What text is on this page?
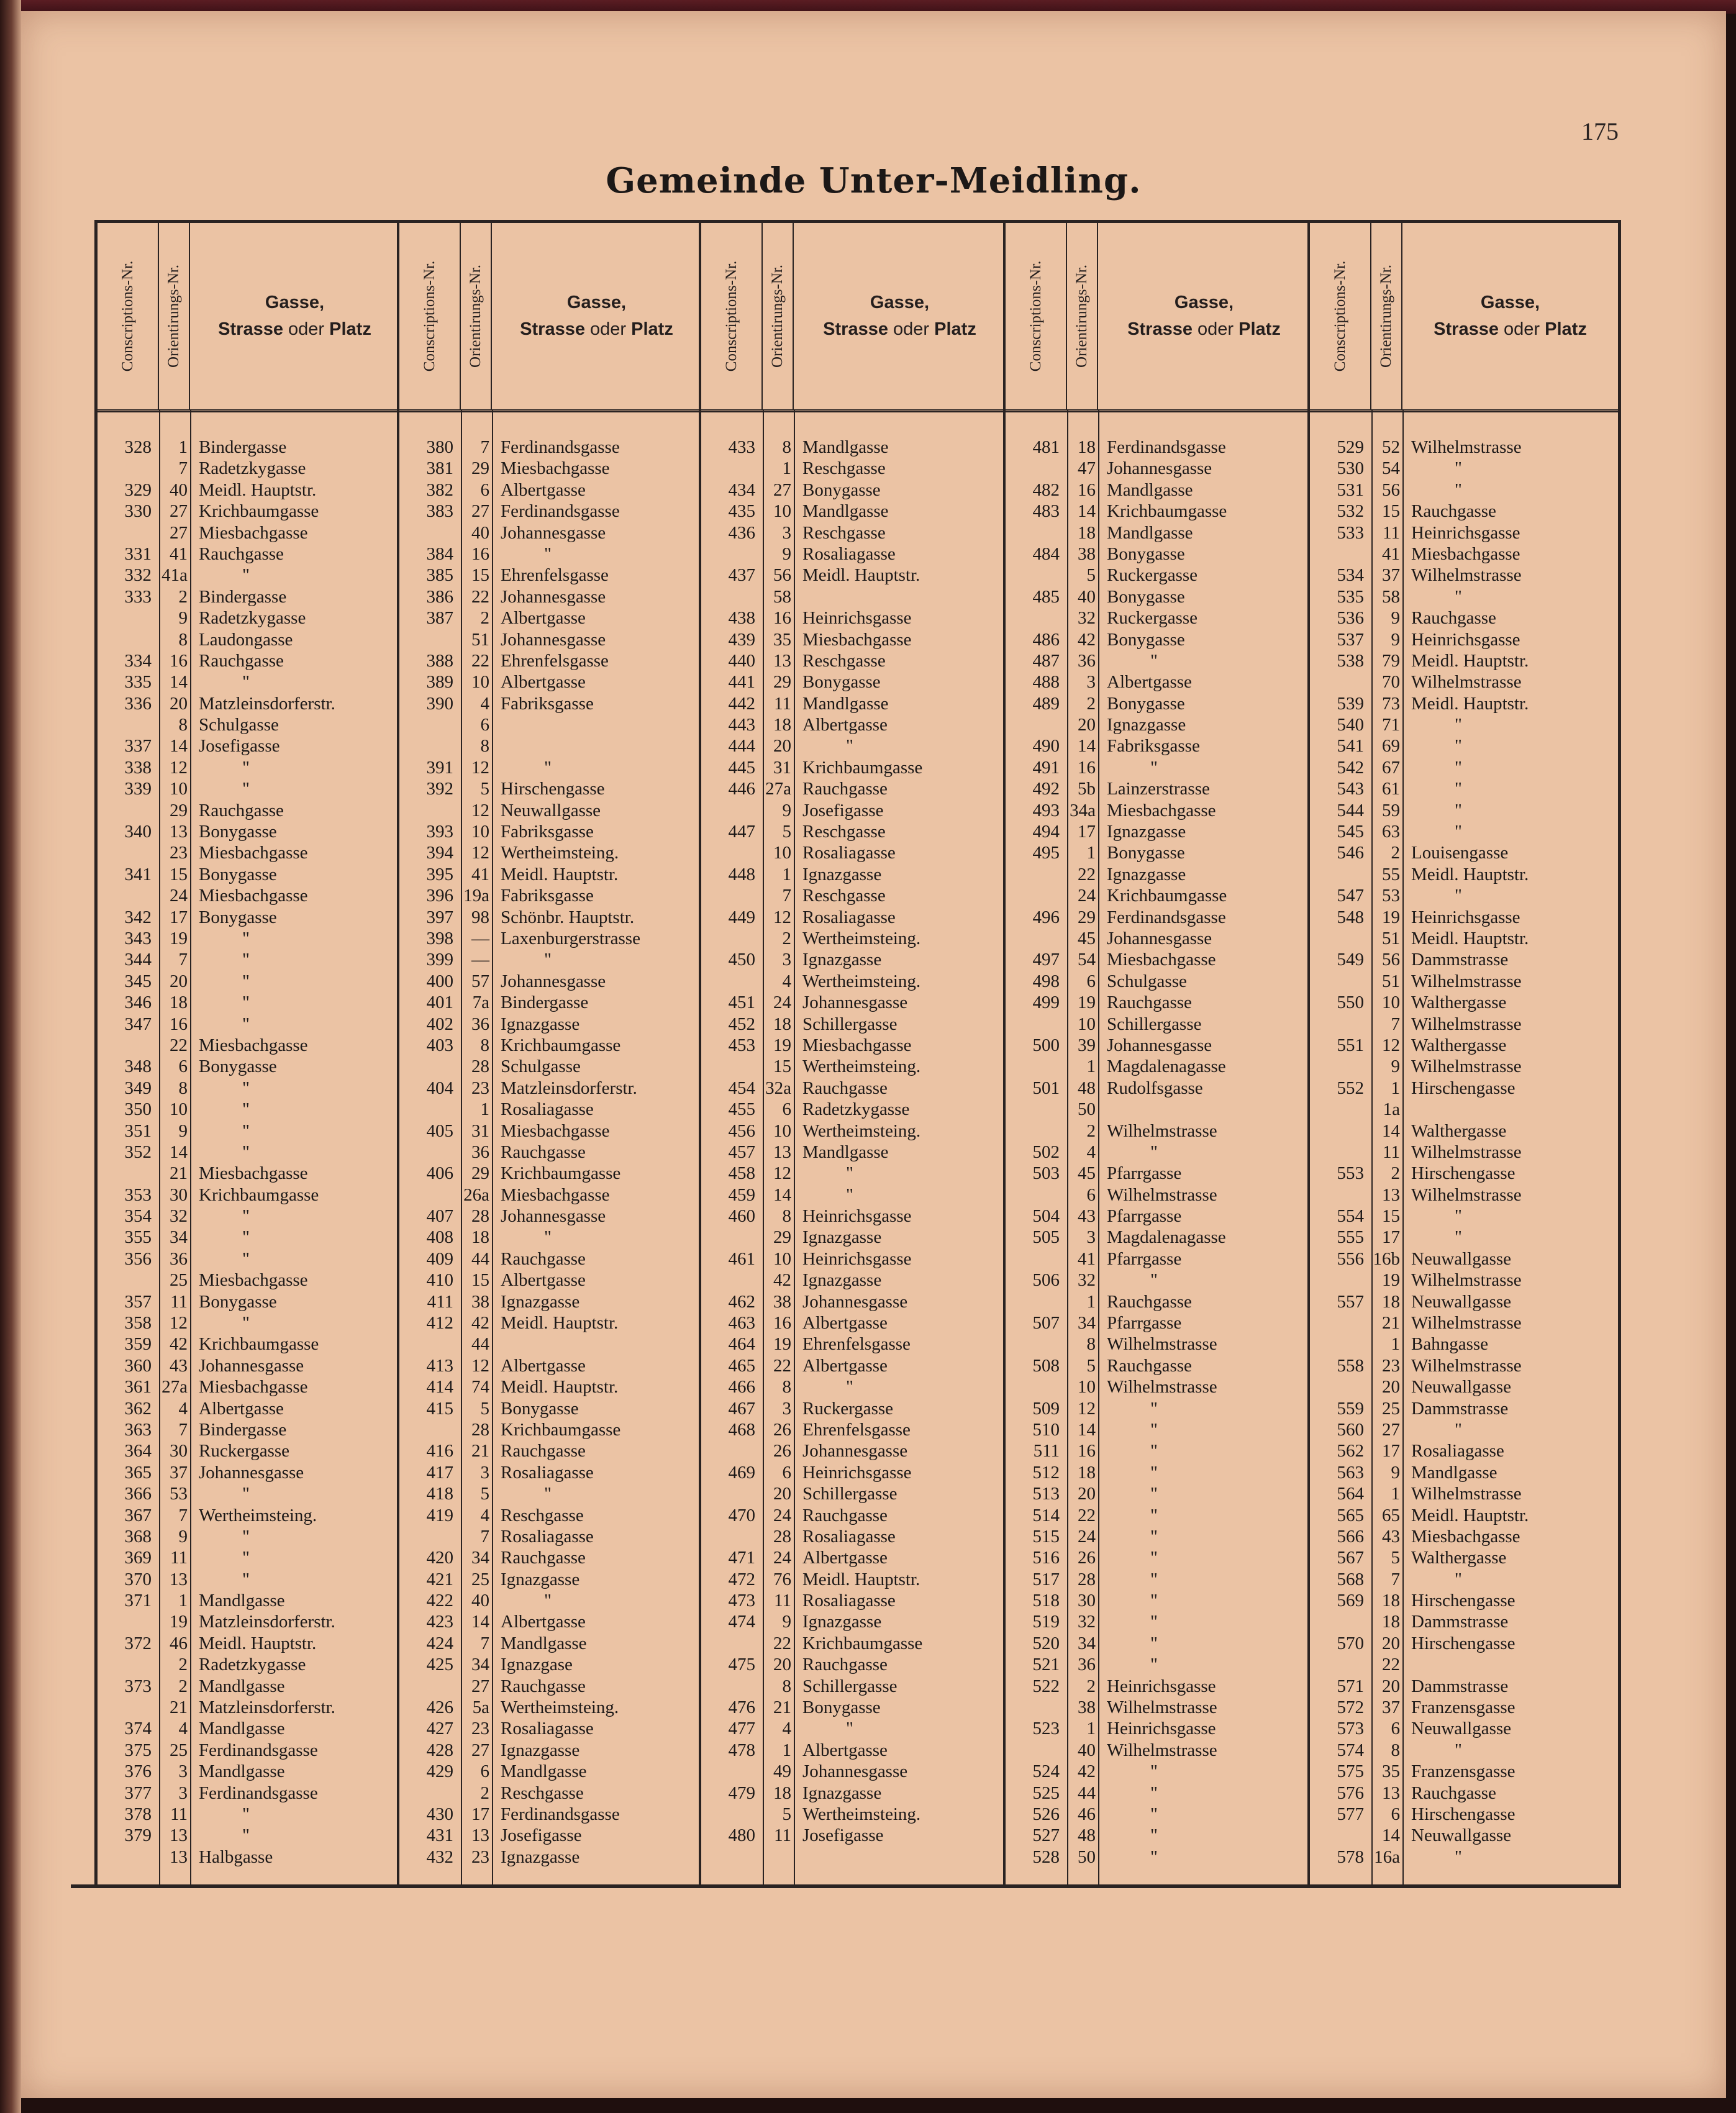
175
Gemeinde Unter-Meidling.
Conscriptions-Nr. Orientirungs-Nr.	Gasse,
Strasse oder Platz
328	1 Bindergasse
7 Radetzkygasse
329	40 Meidl. Hauptstr.
330	27 Krichbaumgasse
27 Miesbachgasse
331	41 Rauchgasse
332 41a	"
333	2 Bindergasse
9 Radetzkygasse
8 Laudongasse
334	16 Rauchgasse
335	14	"
336	20 Matzleinsdorferstr.
8 Schulgasse
337	14 Josefigasse
338	12	"
339	10	"
29 Rauchgasse
340	13 Bonygasse
23 Miesbachgasse
341	15 Bonygasse
24 Miesbachgasse
342	17 Bonygasse
343	19	"
344	7	"
345	20	"
346	18	"
347	16	"
22 Miesbachgasse
348	6 Bonygasse
349	8	"
350	10	"
351	9	"
352	14	"
21 Miesbachgasse
353	30 Krichbaumgasse
354	32	"
355	34	"
356	36	"
25 Miesbachgasse
357	11 Bonygasse
358	12	"
359	42 Krichbaumgasse
360	43 Johannesgasse
361 27a Miesbachgasse
362	4 Albertgasse
363	7 Bindergasse
364	30 Ruckergasse
365	37 Johannesgasse
366	53	"
367	7 Wertheimsteing.
368	9	"
369	11	"
370	13	"
371	1 Mandlgasse
19 Matzleinsdorferstr.
372	46 Meidl. Hauptstr.
2 Radetzkygasse
373	2 Mandlgasse
21 Matzleinsdorferstr.
374	4 Mandlgasse
375	25 Ferdinandsgasse
376	3 Mandlgasse
377	3 Ferdinandsgasse
378	11	"
379	13	"
13 Halbgasse
Conscriptions-Nr. Orientirungs-Nr.	Gasse,
Strasse oder Platz
380	7 Ferdinandsgasse
381	29 Miesbachgasse
382	6 Albertgasse
383	27 Ferdinandsgasse
40 Johannesgasse
384	16	"
385	15 Ehrenfelsgasse
386	22 Johannesgasse
387	2 Albertgasse
51 Johannesgasse
388	22 Ehrenfelsgasse
389	10 Albertgasse
390	4 Fabriksgasse
6
8
391	12	"
392	5 Hirschengasse
12 Neuwallgasse
393	10 Fabriksgasse
394	12 Wertheimsteing.
395	41 Meidl. Hauptstr.
396 19a Fabriksgasse
397	98 Schönbr. Hauptstr.
398	— Laxenburgerstrasse
399	—	"
400	57 Johannesgasse
401	7a Bindergasse
402	36 Ignazgasse
403	8 Krichbaumgasse
28 Schulgasse
404	23 Matzleinsdorferstr.
1 Rosaliagasse
405	31 Miesbachgasse
36 Rauchgasse
406	29 Krichbaumgasse
26a Miesbachgasse
407	28 Johannesgasse
408	18	"
409	44 Rauchgasse
410	15 Albertgasse
411	38 Ignazgasse
412	42 Meidl. Hauptstr.
44
413	12 Albertgasse
414	74 Meidl. Hauptstr.
415	5 Bonygasse
28 Krichbaumgasse
416	21 Rauchgasse
417	3 Rosaliagasse
418	5	"
419	4 Reschgasse
7 Rosaliagasse
420	34 Rauchgasse
421	25 Ignazgasse
422	40	"
423	14 Albertgasse
424	7 Mandlgasse
425	34 Ignazgase
27 Rauchgasse
426	5a Wertheimsteing.
427	23 Rosaliagasse
428	27 Ignazgasse
429	6 Mandlgasse
2 Reschgasse
430	17 Ferdinandsgasse
431	13 Josefigasse
432	23 Ignazgasse
Conscriptions-Nr. Orientirungs-Nr.	Gasse,
Strasse oder Platz
433	8 Mandlgasse
1 Reschgasse
434	27 Bonygasse
435	10 Mandlgasse
436	3 Reschgasse
9 Rosaliagasse
437	56 Meidl. Hauptstr.
58
438	16 Heinrichsgasse
439	35 Miesbachgasse
440	13 Reschgasse
441	29 Bonygasse
442	11 Mandlgasse
443	18 Albertgasse
444	20	"
445	31 Krichbaumgasse
446 27a Rauchgasse
9 Josefigasse
447	5 Reschgasse
10 Rosaliagasse
448	1 Ignazgasse
7 Reschgasse
449	12 Rosaliagasse
2 Wertheimsteing.
450	3 Ignazgasse
4 Wertheimsteing.
451	24 Johannesgasse
452	18 Schillergasse
453	19 Miesbachgasse
15 Wertheimsteing.
454 32a Rauchgasse
455	6 Radetzkygasse
456	10 Wertheimsteing.
457	13 Mandlgasse
458	12	"
459	14	"
460	8 Heinrichsgasse
29 Ignazgasse
461	10 Heinrichsgasse
42 Ignazgasse
462	38 Johannesgasse
463	16 Albertgasse
464	19 Ehrenfelsgasse
465	22 Albertgasse
466	8	"
467	3 Ruckergasse
468	26 Ehrenfelsgasse
26 Johannesgasse
469	6 Heinrichsgasse
20 Schillergasse
470	24 Rauchgasse
28 Rosaliagasse
471	24 Albertgasse
472	76 Meidl. Hauptstr.
473	11 Rosaliagasse
474	9 Ignazgasse
22 Krichbaumgasse
475	20 Rauchgasse
8 Schillergasse
476	21 Bonygasse
477	4	"
478	1 Albertgasse
49 Johannesgasse
479	18 Ignazgasse
5 Wertheimsteing.
480	11 Josefigasse
Conscriptions-Nr. Orientirungs-Nr.	Gasse,
Strasse oder Platz
481	18 Ferdinandsgasse
47 Johannesgasse
482	16 Mandlgasse
483	14 Krichbaumgasse
18 Mandlgasse
484	38 Bonygasse
5 Ruckergasse
485	40 Bonygasse
32 Ruckergasse
486	42 Bonygasse
487	36	"
488	3 Albertgasse
489	2 Bonygasse
20 Ignazgasse
490	14 Fabriksgasse
491	16	"
492	5b Lainzerstrasse
493 34a Miesbachgasse
494	17 Ignazgasse
495	1 Bonygasse
22 Ignazgasse
24 Krichbaumgasse
496	29 Ferdinandsgasse
45 Johannesgasse
497	54 Miesbachgasse
498	6 Schulgasse
499	19 Rauchgasse
10 Schillergasse
500	39 Johannesgasse
1 Magdalenagasse
501	48 Rudolfsgasse
50
2 Wilhelmstrasse
502	4	"
503	45 Pfarrgasse
6 Wilhelmstrasse
504	43 Pfarrgasse
505	3 Magdalenagasse
41 Pfarrgasse
506	32	"
1 Rauchgasse
507	34 Pfarrgasse
8 Wilhelmstrasse
508	5 Rauchgasse
10 Wilhelmstrasse
509	12	"
510	14	"
511	16	"
512	18	"
513	20	"
514	22	"
515	24	"
516	26	"
517	28	"
518	30	"
519	32	"
520	34	"
521	36	"
522	2 Heinrichsgasse
38 Wilhelmstrasse
523	1 Heinrichsgasse
40 Wilhelmstrasse
524	42	"
525	44	"
526	46	"
527	48	"
528	50	"
Conscriptions-Nr. Orientirungs-Nr.	Gasse,
Strasse oder Platz
529	52 Wilhelmstrasse
530	54	"
531	56	"
532	15 Rauchgasse
533	11 Heinrichsgasse
41 Miesbachgasse
534	37 Wilhelmstrasse
535	58	"
536	9 Rauchgasse
537	9 Heinrichsgasse
538	79 Meidl. Hauptstr.
70 Wilhelmstrasse
539	73 Meidl. Hauptstr.
540	71	"
541	69	"
542	67	"
543	61	"
544	59	"
545	63	"
546	2 Louisengasse
55 Meidl. Hauptstr.
547	53	"
548	19 Heinrichsgasse
51 Meidl. Hauptstr.
549	56 Dammstrasse
51 Wilhelmstrasse
550	10 Walthergasse
7 Wilhelmstrasse
551	12 Walthergasse
9 Wilhelmstrasse
552	1 Hirschengasse
1a
14 Walthergasse
11 Wilhelmstrasse
553	2 Hirschengasse
13 Wilhelmstrasse
554	15	"
555	17	"
556 16b Neuwallgasse
19 Wilhelmstrasse
557	18 Neuwallgasse
21 Wilhelmstrasse
1 Bahngasse
558	23 Wilhelmstrasse
20 Neuwallgasse
559	25 Dammstrasse
560	27	"
562	17 Rosaliagasse
563	9 Mandlgasse
564	1 Wilhelmstrasse
565	65 Meidl. Hauptstr.
566	43 Miesbachgasse
567	5 Walthergasse
568	7	"
569	18 Hirschengasse
18 Dammstrasse
570	20 Hirschengasse
22
571	20 Dammstrasse
572	37 Franzensgasse
573	6 Neuwallgasse
574	8	"
575	35 Franzensgasse
576	13 Rauchgasse
577	6 Hirschengasse
14 Neuwallgasse
578 16a	"
